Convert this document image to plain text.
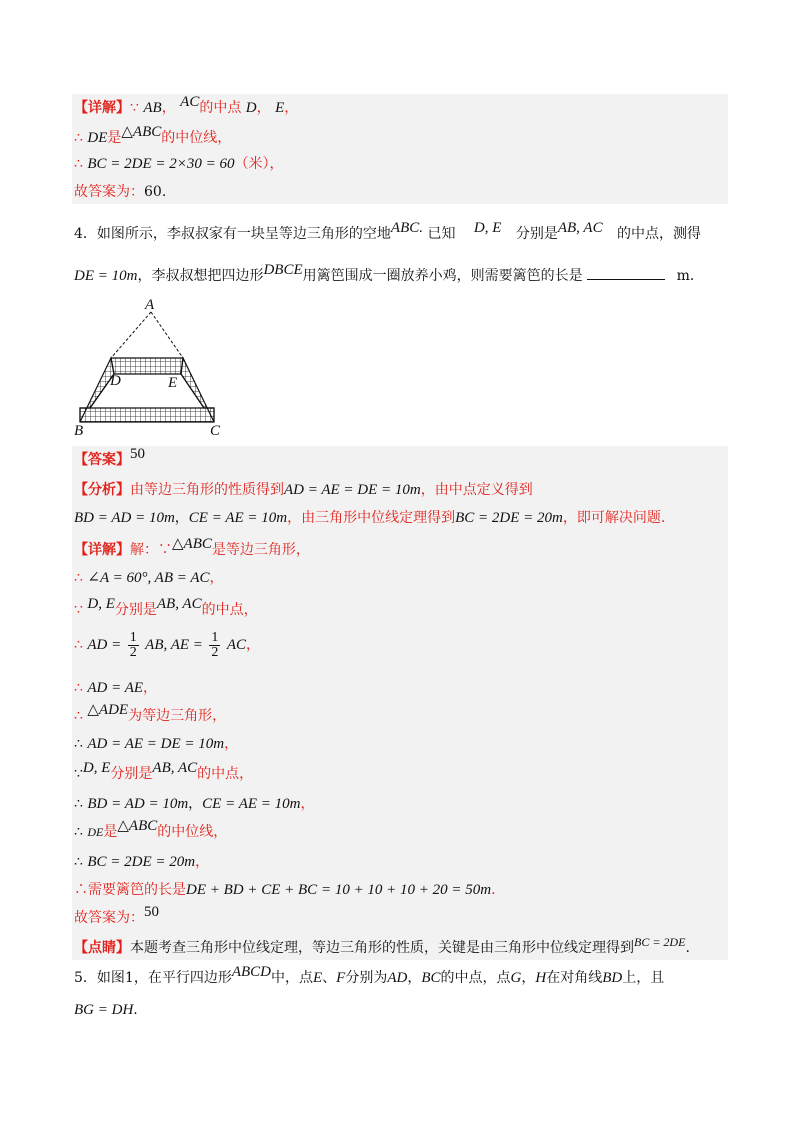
【详解】∵ AB， AC的中点 D， E，
∴ DE是△ABC的中位线，
∴ BC = 2DE = 2×30 = 60（米），
故答案为：60.
4．如图所示，李叔叔家有一块呈等边三角形的空地ABC. 已知 D, E 分别是AB, AC 的中点，测得
DE = 10m，李叔叔想把四边形DBCE用篱笆围成一圈放养小鸡，则需要篱笆的长是	m．
A
D	E
B	C
【答案】50
【分析】由等边三角形的性质得到AD = AE = DE = 10m，由中点定义得到
BD = AD = 10m，CE = AE = 10m，由三角形中位线定理得到BC = 2DE = 20m，即可解决问题.
【详解】解：∵△ABC是等边三角形，
∴ ∠A = 60°, AB = AC，
∵ D, E分别是AB, AC的中点，
∴ AD = $\frac{1}{2}$ AB, AE = $\frac{1}{2}$ AC，
∴ AD = AE，
∴ △ADE为等边三角形，
∴ AD = AE = DE = 10m，
∵D, E分别是AB, AC的中点，
∴ BD = AD = 10m，CE = AE = 10m，
∴ DE是△ABC的中位线，
∴ BC = 2DE = 20m，
∴需要篱笆的长是DE + BD + CE + BC = 10 + 10 + 10 + 20 = 50m.
故答案为：50
【点睛】本题考查三角形中位线定理，等边三角形的性质，关键是由三角形中位线定理得到BC = 2DE.
5．如图1，在平行四边形ABCD中，点E、F分别为AD，BC的中点，点G，H在对角线BD上，且
BG = DH.
